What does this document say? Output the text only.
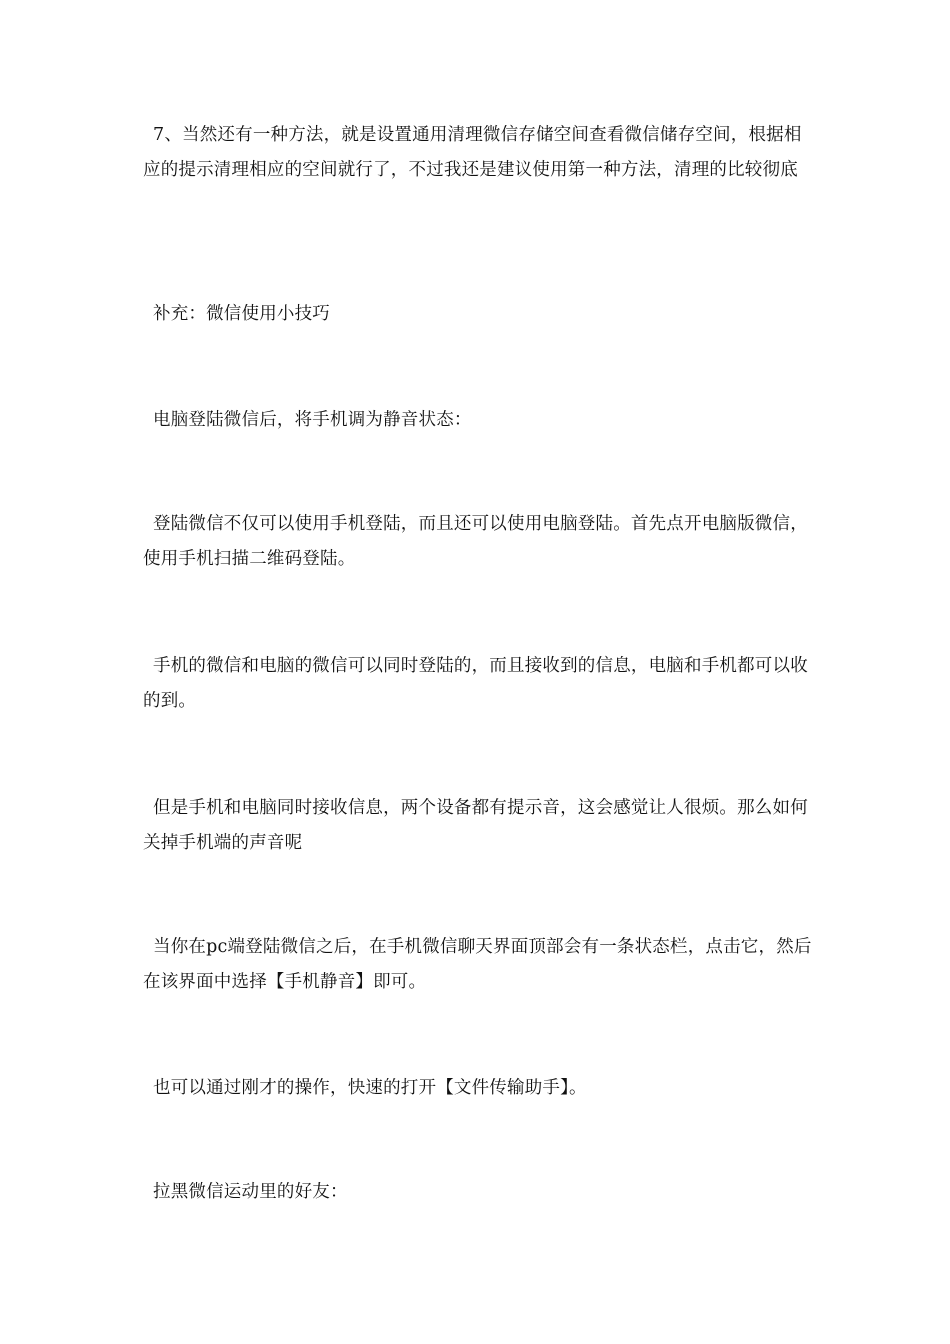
7、当然还有一种方法，就是设置通用清理微信存储空间查看微信储存空间，根据相应的提示清理相应的空间就行了，不过我还是建议使用第一种方法，清理的比较彻底

补充：微信使用小技巧

电脑登陆微信后，将手机调为静音状态：

登陆微信不仅可以使用手机登陆，而且还可以使用电脑登陆。首先点开电脑版微信，使用手机扫描二维码登陆。

手机的微信和电脑的微信可以同时登陆的，而且接收到的信息，电脑和手机都可以收的到。

但是手机和电脑同时接收信息，两个设备都有提示音，这会感觉让人很烦。那么如何关掉手机端的声音呢

当你在pc端登陆微信之后，在手机微信聊天界面顶部会有一条状态栏，点击它，然后在该界面中选择【手机静音】即可。

也可以通过刚才的操作，快速的打开【文件传输助手】。

拉黑微信运动里的好友：
